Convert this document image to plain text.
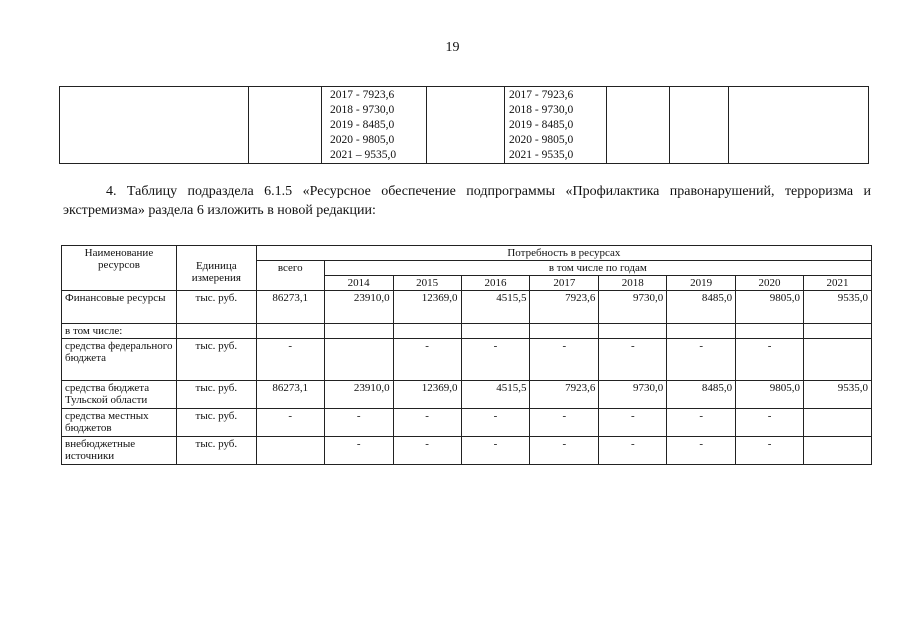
19

2017 - 7923,6
2018 - 9730,0
2019 - 8485,0
2020 - 9805,0
2021 – 9535,0

2017 - 7923,6
2018 - 9730,0
2019 - 8485,0
2020 - 9805,0
2021 - 9535,0

4. Таблицу подраздела 6.1.5 «Ресурсное обеспечение подпрограммы «Профилактика правонарушений, терроризма и экстремизма» раздела 6 изложить в новой редакции:

Наименование ресурсов	Единица измерения	Потребность в ресурсах								
		всего	в том числе по годам							
			2014	2015	2016	2017	2018	2019	2020	2021
Финансовые ресурсы	тыс. руб.	86273,1	23910,0	12369,0	4515,5	7923,6	9730,0	8485,0	9805,0	9535,0
в том числе:										
средства федерального бюджета	тыс. руб.	-		-	-	-	-	-	-	
средства бюджета Тульской области	тыс. руб.	86273,1	23910,0	12369,0	4515,5	7923,6	9730,0	8485,0	9805,0	9535,0
средства местных бюджетов	тыс. руб.	-	-	-	-	-	-	-	-	
внебюджетные источники	тыс. руб.		-	-	-	-	-	-	-	
